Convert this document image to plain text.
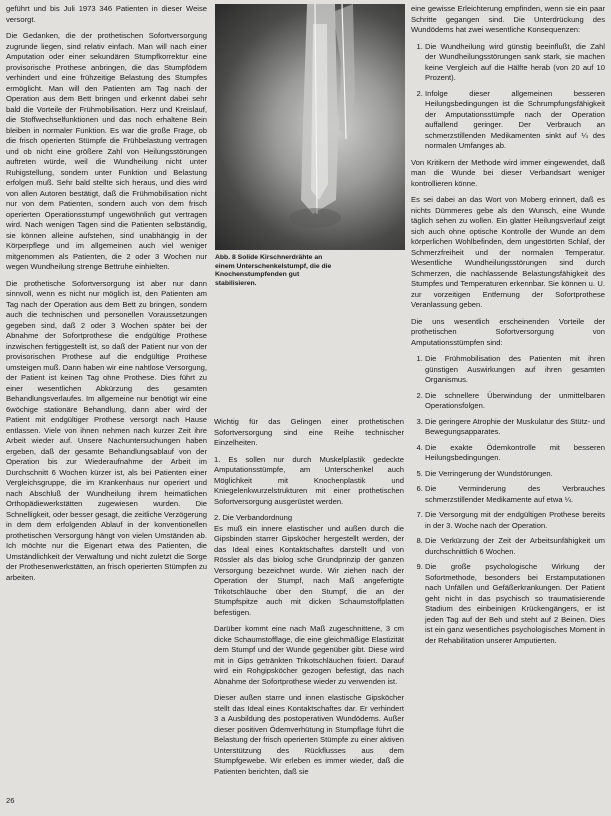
geführt und bis Juli 1973 346 Patienten in dieser Weise versorgt.

Die Gedanken, die der prothetischen Sofortversorgung zugrunde liegen, sind relativ einfach. Man will nach einer Amputation oder einer sekundären Stumpfkorrektur eine provisorische Prothese anbringen, die das Stumpfödem verhindert und eine frühzeitige Belastung des Stumpfes ermöglicht. Man will den Patienten am Tag nach der Operation aus dem Bett bringen und erkennt dabei sehr bald die Vorteile der Frühmobilisation. Herz und Kreislauf, die Stoffwechselfunktionen und das noch erhaltene Bein bleiben in normaler Funktion. Es war die große Frage, ob die frisch operierten Stümpfe die Frühbelastung vertragen und ob nicht eine größere Zahl von Heilungsstörungen auftreten würde, weil die Wundheilung nicht unter Ruhigstellung, sondern unter Funktion und Belastung erfolgen muß. Sehr bald stellte sich heraus, und dies wird von allen Autoren bestätigt, daß die Frühmobilisation nicht nur von dem Patienten, sondern auch von dem frisch operierten Operationsstumpf ungewöhnlich gut vertragen wird. Nach wenigen Tagen sind die Patienten selbständig, sie können alleine aufstehen, sind unabhängig in der Körperpflege und im allgemeinen auch viel weniger mitgenommen als Patienten, die 2 oder 3 Wochen nur wegen Wundheilung strenge Bettruhe einhielten.

Die prothetische Sofortversorgung ist aber nur dann sinnvoll, wenn es nicht nur möglich ist, den Patienten am Tag nach der Operation aus dem Bett zu bringen, sondern auch die technischen und personellen Voraussetzungen gegeben sind, daß 2 oder 3 Wochen später bei der Abnahme der Sofortprothese die endgültige Prothese inzwischen fertiggestellt ist, so daß der Patient nur von der provisorischen Prothese auf die endgültige Prothese umsteigen muß. Dann haben wir eine nahtlose Versorgung, der Patient ist keinen Tag ohne Prothese. Dies führt zu einer wesentlichen Abkürzung des gesamten Behandlungsverlaufes. Im allgemeine nur benötigt wir eine 6wöchige stationäre Behandlung, dann aber wird der Patient mit endgültiger Prothese versorgt nach Hause entlassen. Viele von ihnen nehmen nach kurzer Zeit ihre Arbeit wieder auf. Unsere Nachuntersuchungen haben ergeben, daß der gesamte Behandlungsablauf von der Operation bis zur Wiederaufnahme der Arbeit im Durchschnitt 6 Wochen kürzer ist, als bei Patienten einer Vergleichsgruppe, die im Krankenhaus nur operiert und nach Abschluß der Wundheilung ihrem heimatlichen Orthopädiewerkstätten zugewiesen wurden. Die Schnelligkeit, oder besser gesagt, die zeitliche Verzögerung in dem dem erfolgenden Ablauf in der konventionellen prothetischen Versorgung hängt von vielen Umständen ab. Ich möchte nur die Eigenart etwa des Patienten, die Umständlichkeit der Verwaltung und nicht zuletzt die Sorge der Prothesenwerkstätten, an frisch operierten Stümpfen zu arbeiten.

Abb. 8 Solide Kirschnerdrähte an einem Unterschenkelstumpf, die die Knochenstumpfenden gut stabilisieren.

Wichtig für das Gelingen einer prothetischen Sofortversorgung sind eine Reihe technischer Einzelheiten.

1. Es sollen nur durch Muskelplastik gedeckte Amputationsstümpfe, am Unterschenkel auch Möglichkeit mit Knochenplastik und Kniegelenkwurzelstrukturen mit einer prothetischen Sofortversorgung ausgerüstet werden.

2. Die Verbandordnung
Es muß ein innere elastischer und außen durch die Gipsbinden starrer Gipsköcher hergestellt werden, der das Ideal eines Kontaktschaftes darstellt und von Rössler als das biolog sche Grundprinzip der ganzen Versorgung bezeichnet wurde. Wir ziehen nach der Operation der Stumpf, nach Maß angefertigte Trikotschläuche über den Stumpf, die an der Stumpfspitze auch mit dicken Schaumstoffplatten befestigen.

Darüber kommt eine nach Maß zugeschnittene, 3 cm dicke Schaumstofflage, die eine gleichmäßige Elastizität dem Stumpf und der Wunde gegenüber gibt. Diese wird mit in Gips getränkten Trikotschläuchen fixiert. Darauf wird ein Rohgipsköcher gezogen befestigt, das nach Abnahme der Sofortprothese wieder zu verwenden ist.

Dieser außen starre und innen elastische Gipsköcher stellt das Ideal eines Kontaktschaftes dar. Er verhindert 3 a Ausbildung des postoperativen Wundödems. Außer dieser positiven Ödemverhütung in Stumpflage führt die Belastung der frisch operierten Stümpfe zu einer aktiven Unterstützung des Rückflusses aus dem Stumpfgewebe. Wir erleben es immer wieder, daß die Patienten berichten, daß sie

eine gewisse Erleichterung empfinden, wenn sie ein paar Schritte gegangen sind. Die Unterdrückung des Wundödems hat zwei wesentliche Konsequenzen:

1. Die Wundheilung wird günstig beeinflußt, die Zahl der Wundheilungsstörungen sank stark, sie machen keine Vergleich auf die Hälfte herab (von 20 auf 10 Prozent).
2. Infolge dieser allgemeinen besseren Heilungsbedingungen ist die Schrumpfungsfähigkeit der Amputationsstümpfe nach der Operation auffallend geringer. Der Verbrauch an schmerzstillenden Medikamenten sinkt auf ¼ des normalen Umfanges ab.

Von Kritikern der Methode wird immer eingewendet, daß man die Wunde bei dieser Verbandsart weniger kontrollieren könne.

Es sei dabei an das Wort von Moberg erinnert, daß es nichts Dümmeres gebe als den Wunsch, eine Wunde täglich sehen zu wollen. Ein glatter Heilungsverlauf zeigt sich auch ohne optische Kontrolle der Wunde an dem körperlichen Wohlbefinden, dem ungestörten Schlaf, der Schmerzfreiheit und der normalen Temperatur. Wesentliche Wundheilungsstörungen sind durch Schmerzen, die nachlassende Belastungsfähigkeit des Stumpfes und Temperaturen erkennbar. Sie können u. U. zur vorzeitigen Entfernung der Sofortprothese Veranlassung geben.

Die uns wesentlich erscheinenden Vorteile der prothetischen Sofortversorgung von Amputationsstümpfen sind:

1. Die Frühmobilisation des Patienten mit ihren günstigen Auswirkungen auf ihren gesamten Organismus.
2. Die schnellere Überwindung der unmittelbaren Operationsfolgen.
3. Die geringere Atrophie der Muskulatur des Stütz- und Bewegungsapparates.
4. Die exakte Ödemkontrolle mit besseren Heilungsbedingungen.
5. Die Verringerung der Wundstörungen.
6. Die Verminderung des Verbrauches schmerzstillender Medikamente auf etwa ¼.
7. Die Versorgung mit der endgültigen Prothese bereits in der 3. Woche nach der Operation.
8. Die Verkürzung der Zeit der Arbeitsunfähigkeit um durchschnittlich 6 Wochen.
9. Die große psychologische Wirkung der Sofortmethode, besonders bei Erstamputationen nach Unfällen und Gefäßerkrankungen. Der Patient geht nicht in das psychisch so traumatisierende Stadium des einbeinigen Krückengängers, er ist jeden Tag auf der Beh und steht auf 2 Beinen. Dies ist ein ganz wesentliches psychologisches Moment in der Rehabilitation unserer Amputierten.
26
